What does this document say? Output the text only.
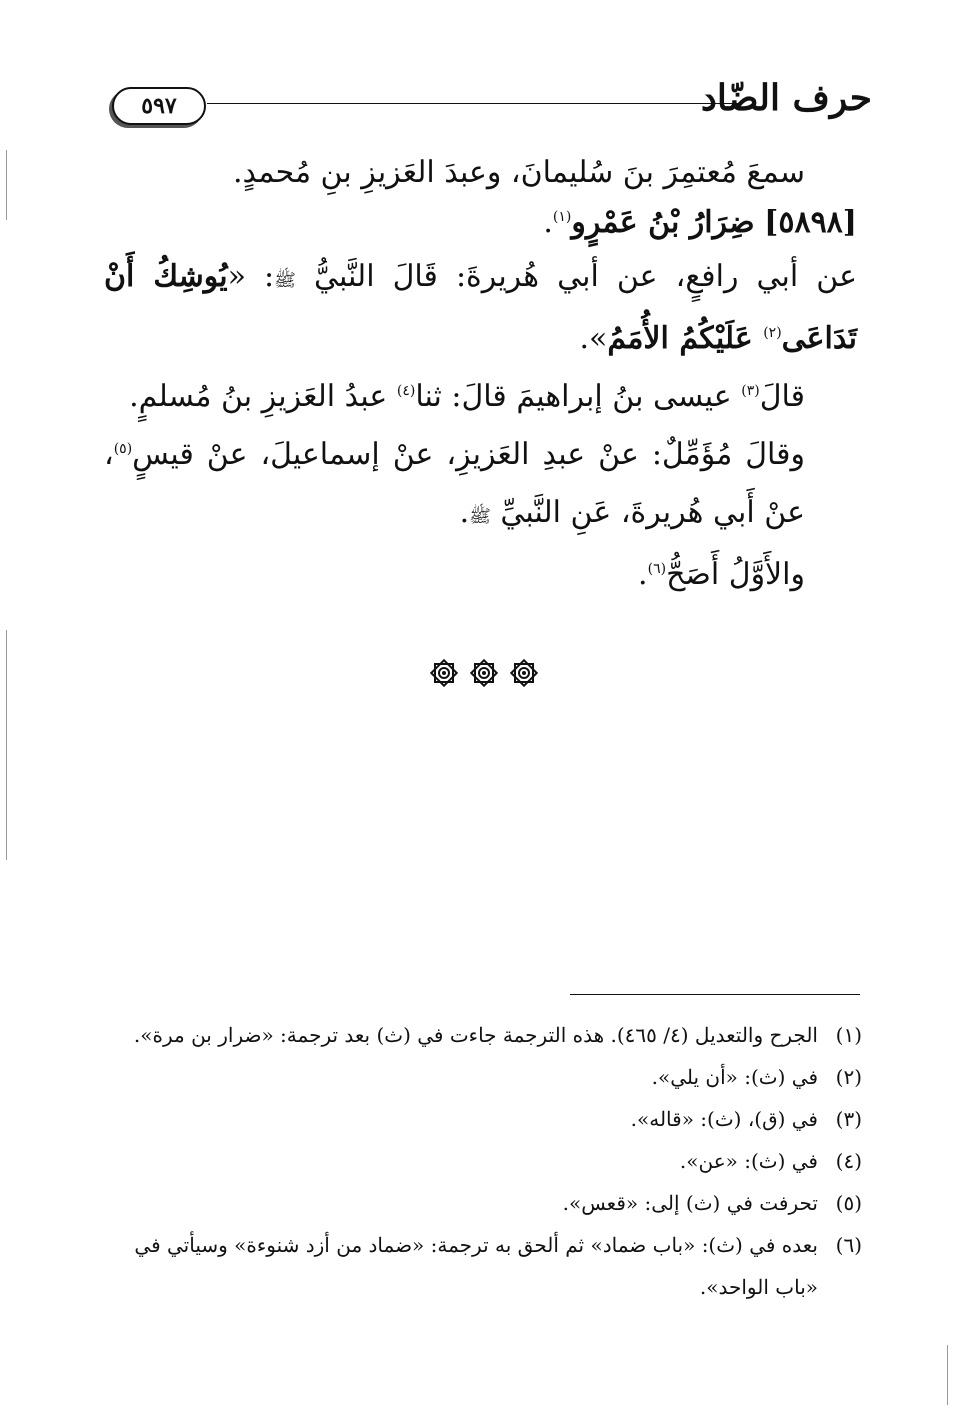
حرف الضّاد
٥٩٧

سمعَ مُعتمِرَ بنَ سُليمانَ، وعبدَ العَزيزِ بنِ مُحمدٍ.

[٥٨٩٨] ضِرَارُ بْنُ عَمْرٍو$^{(١)}$.

عن أبي رافعٍ، عن أبي هُريرةَ: قَالَ النَّبيُّ ﷺ: «يُوشِكُ أَنْ تَدَاعَى$^{(٢)}$ عَلَيْكُمُ الأُمَمُ».

قالَ$^{(٣)}$ عيسى بنُ إبراهيمَ قالَ: ثنا$^{(٤)}$ عبدُ العَزيزِ بنُ مُسلمٍ.

وقالَ مُؤَمِّلٌ: عنْ عبدِ العَزيزِ، عنْ إسماعيلَ، عنْ قيسٍ$^{(٥)}$، عنْ أَبي هُريرةَ، عَنِ النَّبيِّ ﷺ.

والأَوَّلُ أَصَحُّ$^{(٦)}$.

(١)
الجرح والتعديل (٤/ ٤٦٥). هذه الترجمة جاءت في (ث) بعد ترجمة: «ضرار بن مرة».
(٢)
في (ث): «أن يلي».
(٣)
في (ق)، (ث): «قاله».
(٤)
في (ث): «عن».
(٥)
تحرفت في (ث) إلى: «قعس».
(٦)
بعده في (ث): «باب ضماد» ثم ألحق به ترجمة: «ضماد من أزد شنوءة» وسيأتي في «باب الواحد».
